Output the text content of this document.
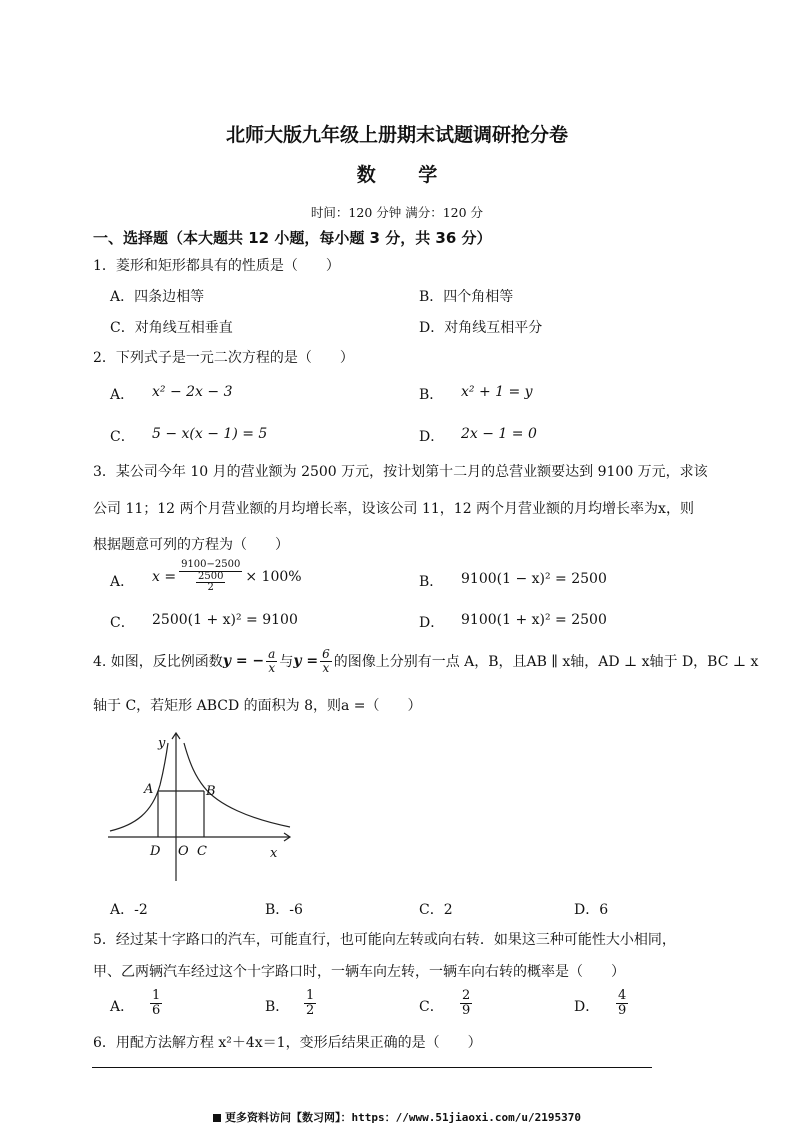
北师大版九年级上册期末试题调研抢分卷
数 学
时间：120 分钟 满分：120 分
一、选择题（本大题共 12 小题，每小题 3 分，共 36 分）
1．菱形和矩形都具有的性质是（　　）
A．四条边相等	B．四个角相等
C．对角线互相垂直	D．对角线互相平分
2．下列式子是一元二次方程的是（　　）
A． x² − 2x − 3	B． x² + 1 = y
C． 5 − x(x − 1) = 5	D． 2x − 1 = 0
3．某公司今年 10 月的营业额为 2500 万元，按计划第十二月的总营业额要达到 9100 万元，求该
公司 11；12 两个月营业额的月均增长率，设该公司 11，12 两个月营业额的月均增长率为x，则
根据题意可列的方程为（　　）
A． x = 9100−2500
2500
2 × 100%	B． 9100(1 − x)² = 2500
C． 2500(1 + x)² = 9100	D． 9100(1 + x)² = 2500
4. 如图，反比例函数 y = − $\frac{a}{x}$ 与 $y = \frac{6}{x}$ 的图像上分别有一点 A，B，且AB ∥ x轴，AD ⊥ x轴于 D，BC ⊥ x
轴于 C，若矩形 ABCD 的面积为 8，则a =（　　）
y
x
A	B
D O C
A．-2	B．-6	C．2	D．6
5．经过某十字路口的汽车，可能直行，也可能向左转或向右转．如果这三种可能性大小相同，
甲、乙两辆汽车经过这个十字路口时，一辆车向左转，一辆车向右转的概率是（　　）
A． $\frac{1}{6}$	B． $\frac{1}{2}$	C． $\frac{2}{9}$	D． $\frac{4}{9}$
6．用配方法解方程 x²＋4x＝1，变形后结果正确的是（　　）
更多资料访问【数习网】：https：//www.51jiaoxi.com/u/2195370
